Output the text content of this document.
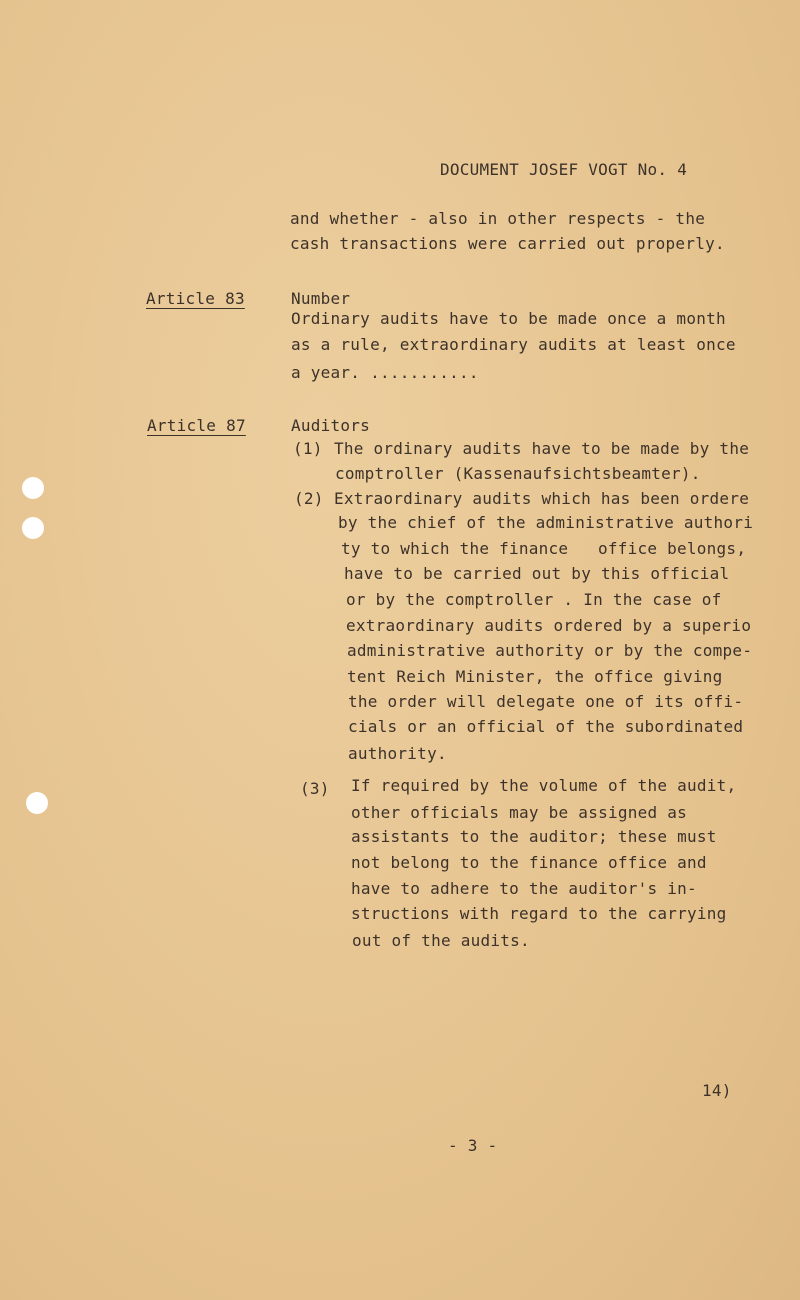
DOCUMENT JOSEF VOGT No. 4
and whether - also in other respects - the
cash transactions were carried out properly.
Article 83	Number
Ordinary audits have to be made once a month
as a rule, extraordinary audits at least once
a year. ...........
Article 87	Auditors
(1) The ordinary audits have to be made by the
comptroller (Kassenaufsichtsbeamter).
(2) Extraordinary audits which has been ordere
by the chief of the administrative authori
ty to which the finance   office belongs,
have to be carried out by this official
or by the comptroller . In the case of
extraordinary audits ordered by a superio
administrative authority or by the compe-
tent Reich Minister, the office giving
the order will delegate one of its offi-
cials or an official of the subordinated
authority.
(3) If required by the volume of the audit,
other officials may be assigned as
assistants to the auditor; these must
not belong to the finance office and
have to adhere to the auditor's in-
structions with regard to the carrying
out of the audits.
14)
- 3 -
